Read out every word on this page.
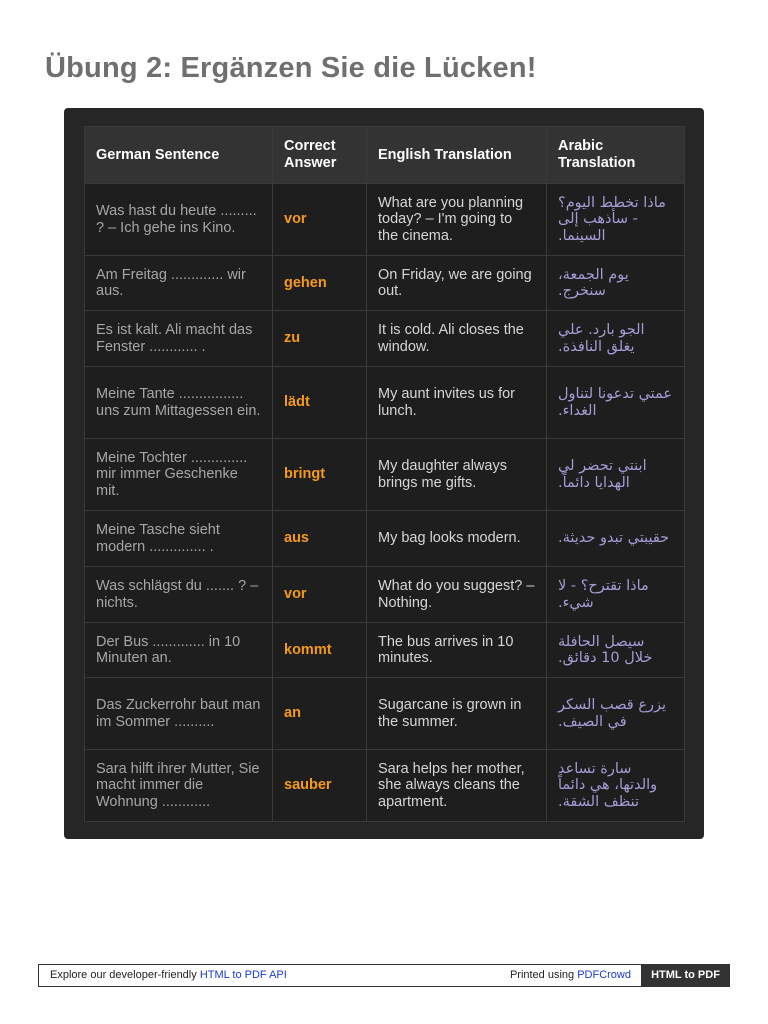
Übung 2: Ergänzen Sie die Lücken!
German Sentence	Correct Answer	English Translation	Arabic Translation
Was hast du heute ......... ? – Ich gehe ins Kino.	vor	What are you planning today? – I'm going to the cinema.	ماذا تخطط اليوم؟ - سأذهب إلى السينما.

Am Freitag ............. wir aus.	gehen	On Friday, we are going out.	يوم الجمعة، سنخرج.

Es ist kalt. Ali macht das Fenster ............ .	zu	It is cold. Ali closes the window.	الجو بارد. علي يغلق النافذة.

Meine Tante ................ uns zum Mittagessen ein.	lädt	My aunt invites us for lunch.	عمتي تدعونا لتناول الغداء.

Meine Tochter .............. mir immer Geschenke mit.	bringt	My daughter always brings me gifts.	ابنتي تحضر لي الهدايا دائماً.

Meine Tasche sieht modern .............. .	aus	My bag looks modern.	حقيبتي تبدو حديثة.

Was schlägst du ....... ? – nichts.	vor	What do you suggest? – Nothing.	ماذا تقترح؟ - لا شيء.

Der Bus ............. in 10 Minuten an.	kommt	The bus arrives in 10 minutes.	سيصل الحافلة خلال 10 دقائق.

Das Zuckerrohr baut man im Sommer ..........	an	Sugarcane is grown in the summer.	يزرع قصب السكر في الصيف.

Sara hilft ihrer Mutter, Sie macht immer die Wohnung ............	sauber	Sara helps her mother, she always cleans the apartment.	سارة تساعد والدتها، هي دائماً تنظف الشقة.
Explore our developer-friendly HTML to PDF API	Printed using PDFCrowd	HTML to PDF
